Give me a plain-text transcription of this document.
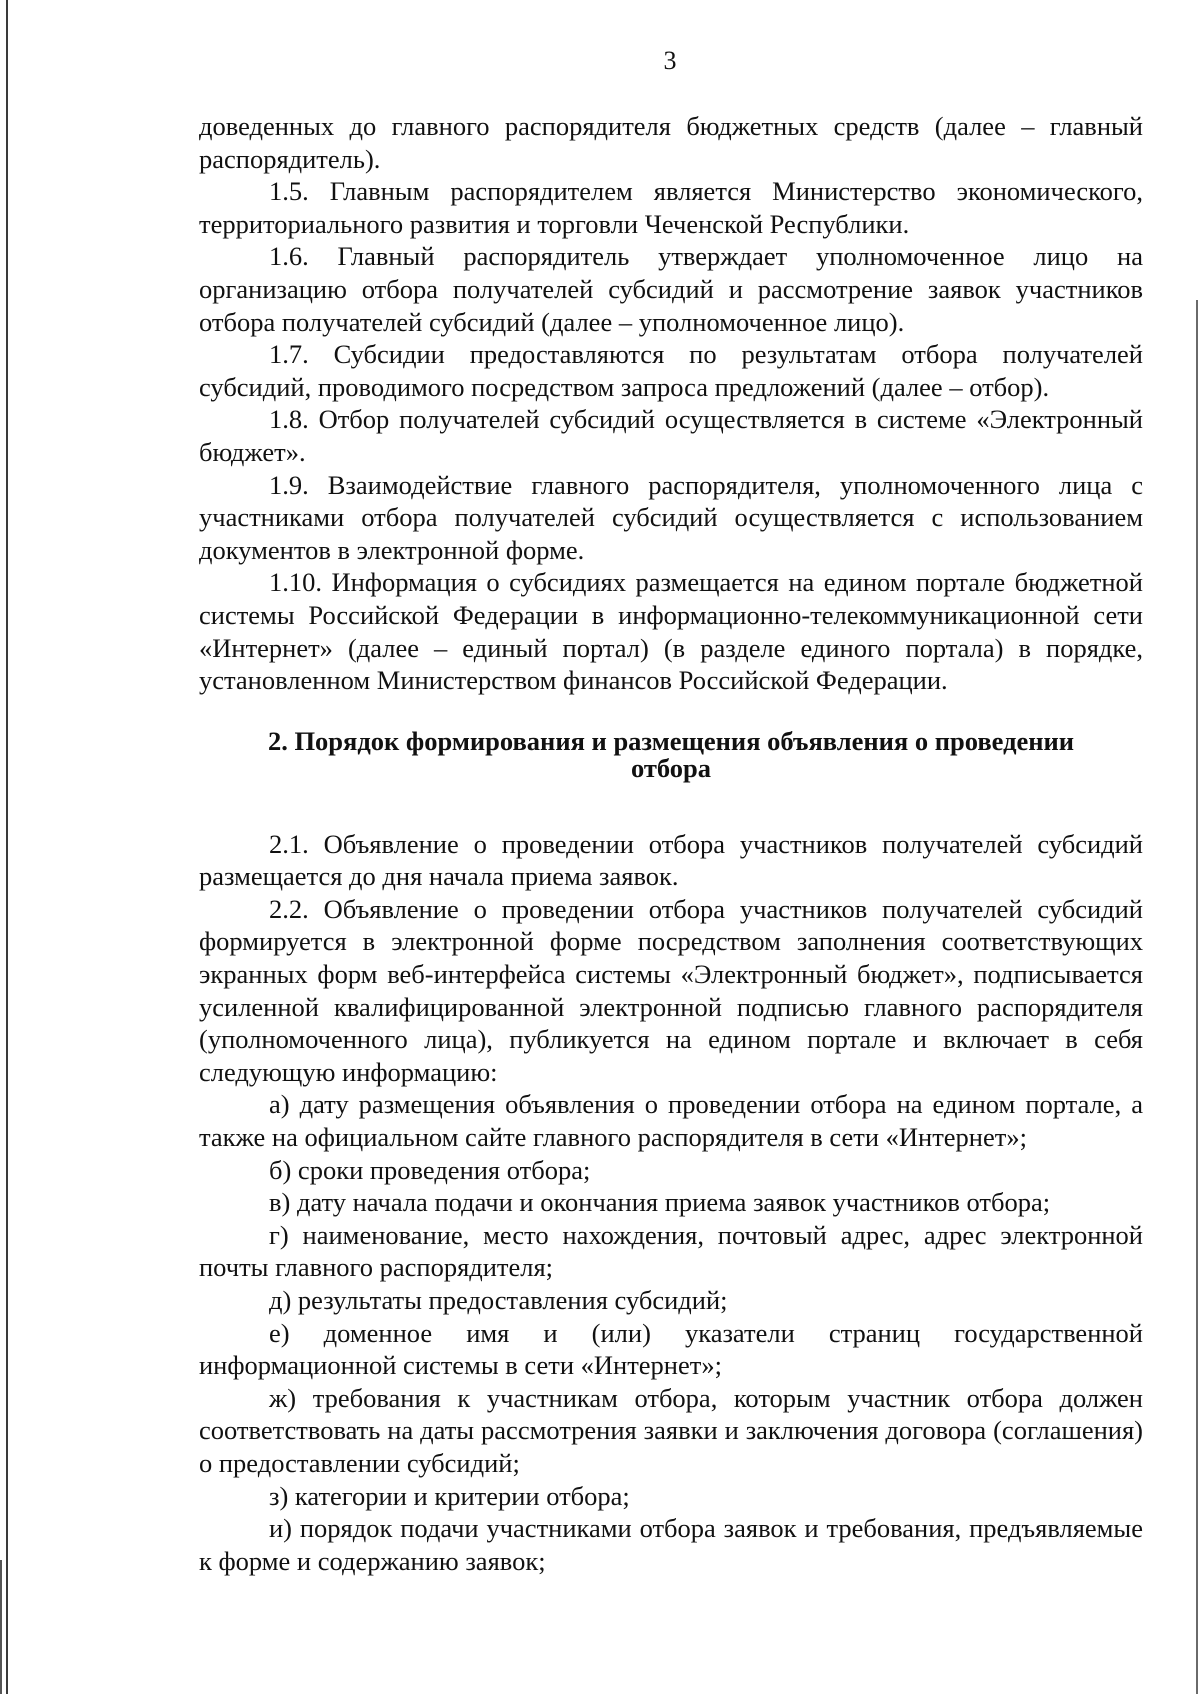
3

доведенных до главного распорядителя бюджетных средств (далее – главный распорядитель).

1.5. Главным распорядителем является Министерство экономического, территориального развития и торговли Чеченской Республики.

1.6. Главный распорядитель утверждает уполномоченное лицо на организацию отбора получателей субсидий и рассмотрение заявок участников отбора получателей субсидий (далее – уполномоченное лицо).

1.7. Субсидии предоставляются по результатам отбора получателей субсидий, проводимого посредством запроса предложений (далее – отбор).

1.8. Отбор получателей субсидий осуществляется в системе «Электронный бюджет».

1.9. Взаимодействие главного распорядителя, уполномоченного лица с участниками отбора получателей субсидий осуществляется с использованием документов в электронной форме.

1.10. Информация о субсидиях размещается на едином портале бюджетной системы Российской Федерации в информационно-телекоммуникационной сети «Интернет» (далее – единый портал) (в разделе единого портала) в порядке, установленном Министерством финансов Российской Федерации.

2. Порядок формирования и размещения объявления о проведении отбора

2.1. Объявление о проведении отбора участников получателей субсидий размещается до дня начала приема заявок.

2.2. Объявление о проведении отбора участников получателей субсидий формируется в электронной форме посредством заполнения соответствующих экранных форм веб-интерфейса системы «Электронный бюджет», подписывается усиленной квалифицированной электронной подписью главного распорядителя (уполномоченного лица), публикуется на едином портале и включает в себя следующую информацию:

а) дату размещения объявления о проведении отбора на едином портале, а также на официальном сайте главного распорядителя в сети «Интернет»;

б) сроки проведения отбора;

в) дату начала подачи и окончания приема заявок участников отбора;

г) наименование, место нахождения, почтовый адрес, адрес электронной почты главного распорядителя;

д) результаты предоставления субсидий;

е) доменное имя и (или) указатели страниц государственной информационной системы в сети «Интернет»;

ж) требования к участникам отбора, которым участник отбора должен соответствовать на даты рассмотрения заявки и заключения договора (соглашения) о предоставлении субсидий;

з) категории и критерии отбора;

и) порядок подачи участниками отбора заявок и требования, предъявляемые к форме и содержанию заявок;
